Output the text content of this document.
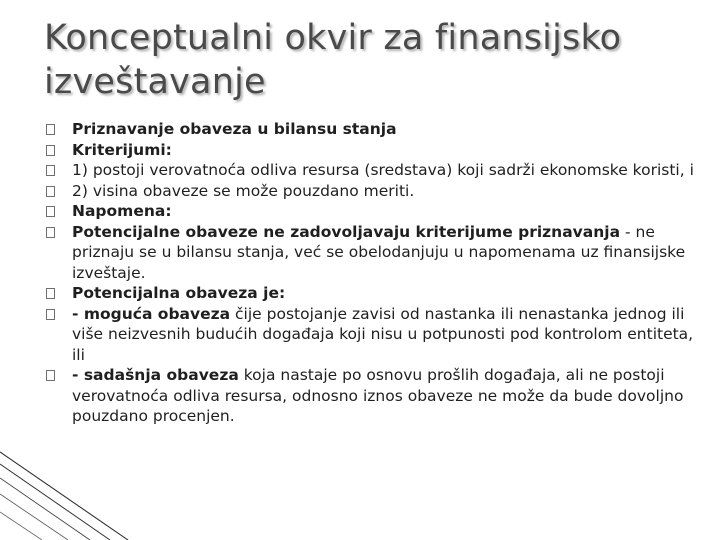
Konceptualni okvir za finansijsko
izveštavanje
Priznavanje obaveza u bilansu stanja
Kriterijumi:
1) postoji verovatnoća odliva resursa (sredstava) koji sadrži ekonomske koristi, i
2) visina obaveze se može pouzdano meriti.
Napomena:
Potencijalne obaveze ne zadovoljavaju kriterijume priznavanja - ne priznaju se u bilansu stanja, već se obelodanjuju u napomenama uz finansijske izveštaje.
Potencijalna obaveza je:
- moguća obaveza čije postojanje zavisi od nastanka ili nenastanka jednog ili više neizvesnih budućih događaja koji nisu u potpunosti pod kontrolom entiteta, ili
- sadašnja obaveza koja nastaje po osnovu prošlih događaja, ali ne postoji verovatnoća odliva resursa, odnosno iznos obaveze ne može da bude dovoljno pouzdano procenjen.
